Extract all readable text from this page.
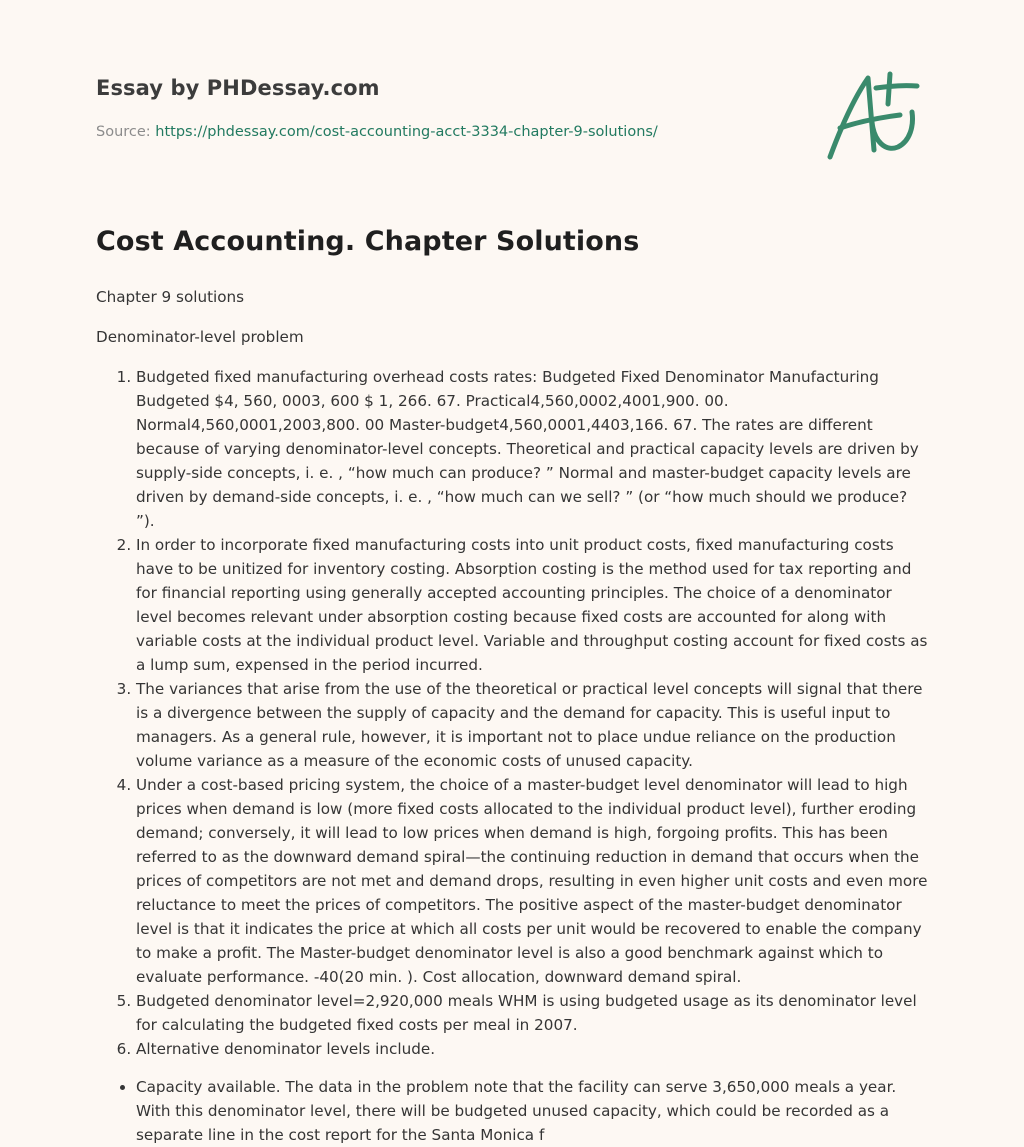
Essay by PHDessay.com
Source: https://phdessay.com/cost-accounting-acct-3334-chapter-9-solutions/
Cost Accounting. Chapter Solutions

Chapter 9 solutions

Denominator-level problem

1. Budgeted fixed manufacturing overhead costs rates: Budgeted Fixed Denominator Manufacturing Budgeted $4, 560, 0003, 600 $ 1, 266. 67. Practical4,560,0002,4001,900. 00. Normal4,560,0001,2003,800. 00 Master-budget4,560,0001,4403,166. 67. The rates are different because of varying denominator-level concepts. Theoretical and practical capacity levels are driven by supply-side concepts, i. e. , “how much can produce? ” Normal and master-budget capacity levels are driven by demand-side concepts, i. e. , “how much can we sell? ” (or “how much should we produce? ”).
2. In order to incorporate fixed manufacturing costs into unit product costs, fixed manufacturing costs have to be unitized for inventory costing. Absorption costing is the method used for tax reporting and for financial reporting using generally accepted accounting principles. The choice of a denominator level becomes relevant under absorption costing because fixed costs are accounted for along with variable costs at the individual product level. Variable and throughput costing account for fixed costs as a lump sum, expensed in the period incurred.
3. The variances that arise from the use of the theoretical or practical level concepts will signal that there is a divergence between the supply of capacity and the demand for capacity. This is useful input to managers. As a general rule, however, it is important not to place undue reliance on the production volume variance as a measure of the economic costs of unused capacity.
4. Under a cost-based pricing system, the choice of a master-budget level denominator will lead to high prices when demand is low (more fixed costs allocated to the individual product level), further eroding demand; conversely, it will lead to low prices when demand is high, forgoing profits. This has been referred to as the downward demand spiral—the continuing reduction in demand that occurs when the prices of competitors are not met and demand drops, resulting in even higher unit costs and even more reluctance to meet the prices of competitors. The positive aspect of the master-budget denominator level is that it indicates the price at which all costs per unit would be recovered to enable the company to make a profit. The Master-budget denominator level is also a good benchmark against which to evaluate performance. -40(20 min. ). Cost allocation, downward demand spiral.
5. Budgeted denominator level=2,920,000 meals WHM is using budgeted usage as its denominator level for calculating the budgeted fixed costs per meal in 2007.
6. Alternative denominator levels include.
• Capacity available. The data in the problem note that the facility can serve 3,650,000 meals a year. With this denominator level, there will be budgeted unused capacity, which could be recorded as a separate line in the cost report for the Santa Monica f
